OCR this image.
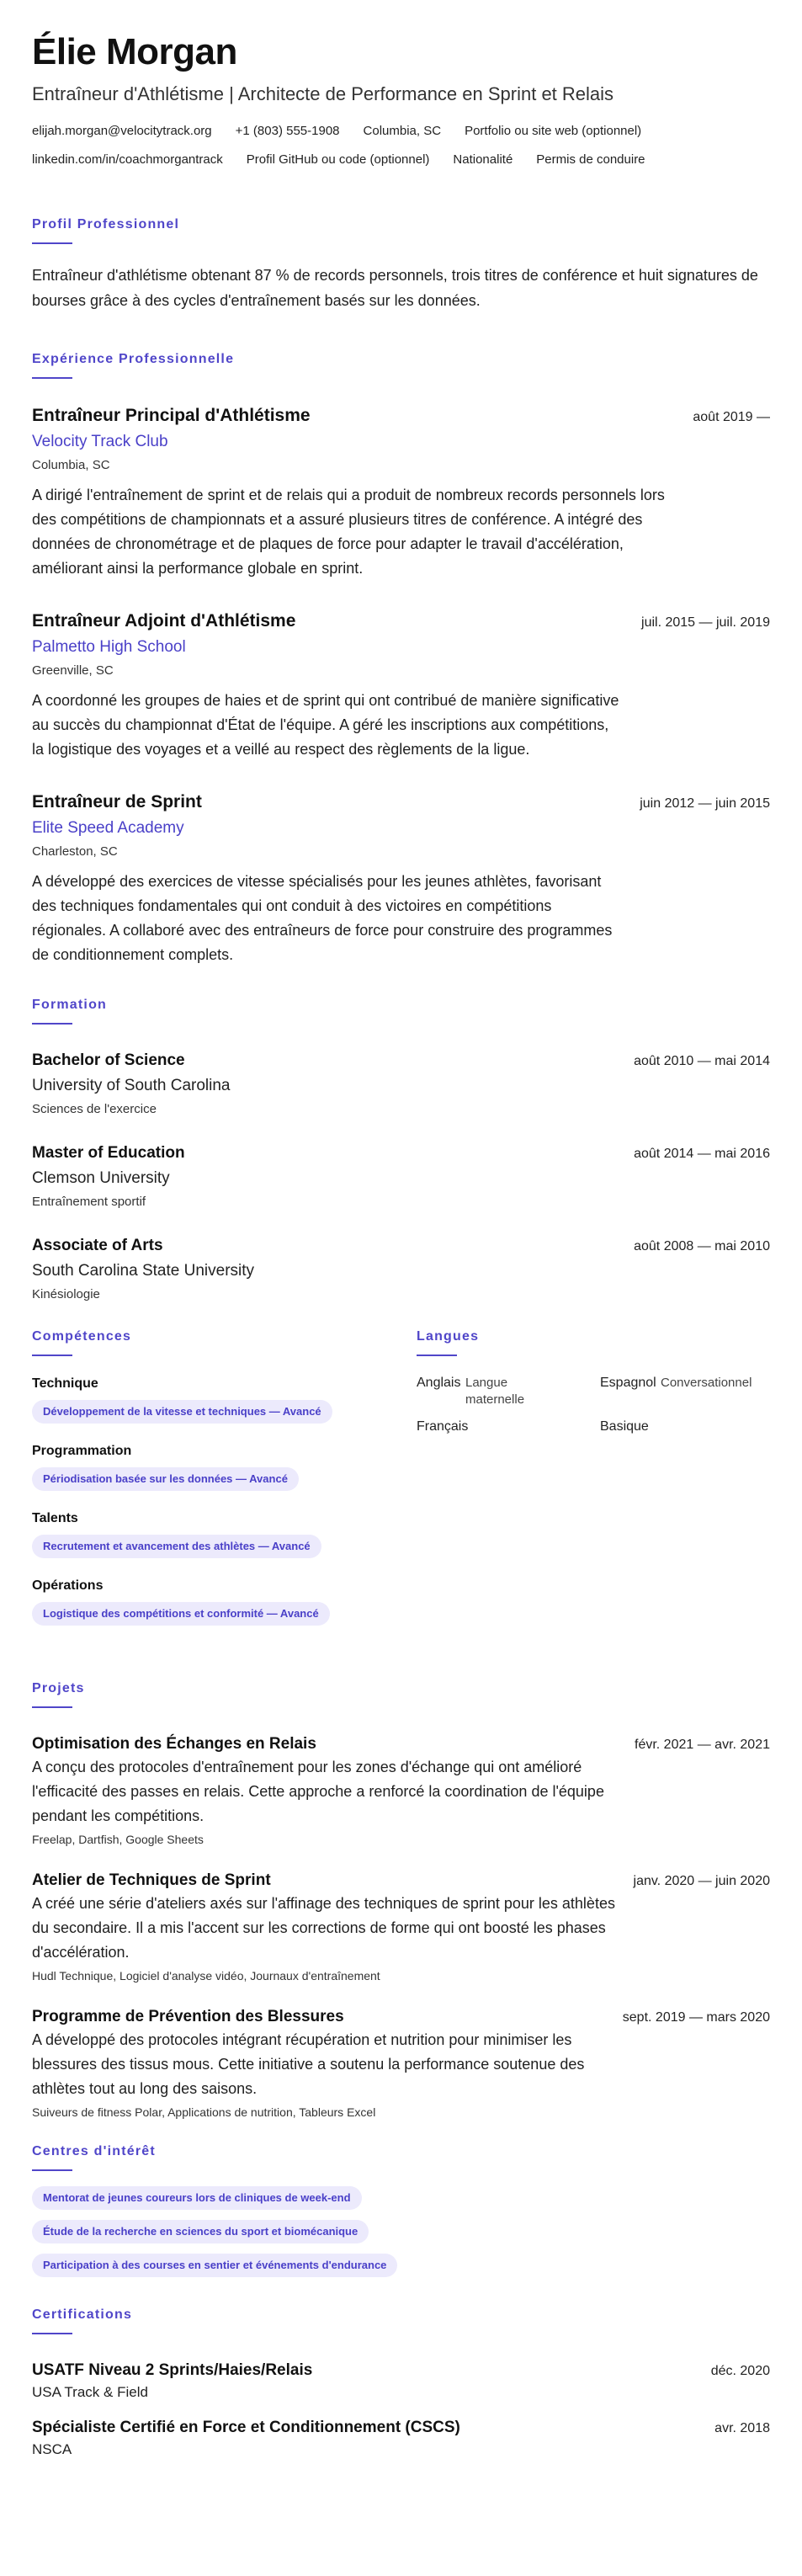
Élie Morgan
Entraîneur d'Athlétisme | Architecte de Performance en Sprint et Relais
elijah.morgan@velocitytrack.org +1 (803) 555-1908 Columbia, SC Portfolio ou site web (optionnel)
linkedin.com/in/coachmorgantrack Profil GitHub ou code (optionnel) Nationalité Permis de conduire
Profil Professionnel

Entraîneur d'athlétisme obtenant 87 % de records personnels, trois titres de conférence et huit signatures de bourses grâce à des cycles d'entraînement basés sur les données.

Expérience Professionnelle
Entraîneur Principal d'Athlétisme	août 2019 —
Velocity Track Club
Columbia, SC

A dirigé l'entraînement de sprint et de relais qui a produit de nombreux records personnels lors des compétitions de championnats et a assuré plusieurs titres de conférence. A intégré des données de chronométrage et de plaques de force pour adapter le travail d'accélération, améliorant ainsi la performance globale en sprint.

Entraîneur Adjoint d'Athlétisme	juil. 2015 — juil. 2019
Palmetto High School
Greenville, SC

A coordonné les groupes de haies et de sprint qui ont contribué de manière significative au succès du championnat d'État de l'équipe. A géré les inscriptions aux compétitions, la logistique des voyages et a veillé au respect des règlements de la ligue.

Entraîneur de Sprint	juin 2012 — juin 2015
Elite Speed Academy
Charleston, SC

A développé des exercices de vitesse spécialisés pour les jeunes athlètes, favorisant des techniques fondamentales qui ont conduit à des victoires en compétitions régionales. A collaboré avec des entraîneurs de force pour construire des programmes de conditionnement complets.

Formation
Bachelor of Science	août 2010 — mai 2014
University of South Carolina
Sciences de l'exercice
Master of Education	août 2014 — mai 2016
Clemson University
Entraînement sportif
Associate of Arts	août 2008 — mai 2010
South Carolina State University
Kinésiologie
Compétences
Technique
Développement de la vitesse et techniques — Avancé
Programmation
Périodisation basée sur les données — Avancé
Talents
Recrutement et avancement des athlètes — Avancé
Opérations
Logistique des compétitions et conformité — Avancé
Langues
Anglais Langue maternelle
Espagnol Conversationnel
Français	Basique
Projets
Optimisation des Échanges en Relais	févr. 2021 — avr. 2021

A conçu des protocoles d'entraînement pour les zones d'échange qui ont amélioré l'efficacité des passes en relais. Cette approche a renforcé la coordination de l'équipe pendant les compétitions.

Freelap, Dartfish, Google Sheets
Atelier de Techniques de Sprint	janv. 2020 — juin 2020

A créé une série d'ateliers axés sur l'affinage des techniques de sprint pour les athlètes du secondaire. Il a mis l'accent sur les corrections de forme qui ont boosté les phases d'accélération.

Hudl Technique, Logiciel d'analyse vidéo, Journaux d'entraînement
Programme de Prévention des Blessures	sept. 2019 — mars 2020

A développé des protocoles intégrant récupération et nutrition pour minimiser les blessures des tissus mous. Cette initiative a soutenu la performance soutenue des athlètes tout au long des saisons.

Suiveurs de fitness Polar, Applications de nutrition, Tableurs Excel
Centres d'intérêt
Mentorat de jeunes coureurs lors de cliniques de week-end
Étude de la recherche en sciences du sport et biomécanique
Participation à des courses en sentier et événements d'endurance
Certifications
USATF Niveau 2 Sprints/Haies/Relais	déc. 2020
USA Track & Field
Spécialiste Certifié en Force et Conditionnement (CSCS)	avr. 2018
NSCA
